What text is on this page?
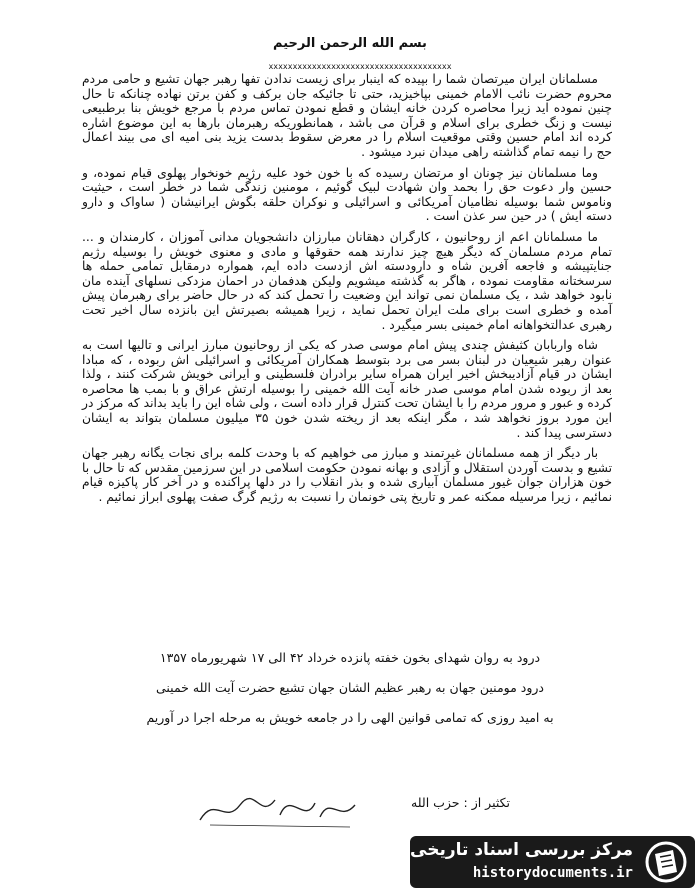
بسم الله الرحمن الرحیم
xxxxxxxxxxxxxxxxxxxxxxxxxxxxxxxxxxxxxx

مسلمانان ایران میرتصان شما را بپیده که اینبار برای زیست ندادن تفها رهبر جهان تشیع و حامی مردم محروم حضرت نائب الامام خمینی بپاخیزید، حتی تا جائیکه جان برکف و کفن برتن نهاده چنانکه تا حال چنین نموده اید زیرا محاصره کردن خانه ایشان و قطع نمودن تماس مردم با مرجع خویش بنا برطبیعی نیست و زنگ خطری برای اسلام و قرآن می باشد ، همانطوریکه رهبرمان بارها به این موضوع اشاره کرده اند امام حسین وقتی موقعیت اسلام را در معرض سقوط بدست یزید بنی امیه ای می بیند اعمال حج را نیمه تمام گذاشته راهی میدان نبرد میشود .

وما مسلمانان نیز چونان او مرتضان رسیده که با خون خود علیه رژیم خونخوار پهلوی قیام نموده، و حسین وار دعوت حق را بحمد وان شهادت لبیک گوئیم ، مومنین زندگی شما در خطر است ، حیثیت وناموس شما بوسیله نظامیان آمریکائی و اسرائیلی و نوکران حلقه بگوش ایرانیشان ( ساواک و دارو دسته ایش ) در حین سر عذن است .

ما مسلمانان اعم از روحانیون ، کارگران دهقانان مبارزان دانشجویان مدانی آموزان ، کارمندان و ... تمام مردم مسلمان که دیگر هیچ چیز ندارند همه حقوقها و مادی و معنوی خویش را بوسیله رژیم جنایتپیشه و فاجعه آفرین شاه و دارودسته اش ازدست داده ایم، همواره درمقابل تمامی حمله ها سرسختانه مقاومت نموده ، هاگر به گذشته میشویم ولیکن هدفمان در احمان مزدکی نسلهای آینده مان نابود خواهد شد ، یک مسلمان نمی تواند این وضعیت را تحمل کند که در حال حاضر برای رهبرمان پیش آمده و خطری است برای ملت ایران تحمل نماید ، زیرا همیشه بصیرتش این بانزده سال اخیر تحت رهبری عدالتخواهانه امام خمینی بسر میگیرد .

شاه واربابان کثیفش چندی پیش امام موسی صدر که یکی از روحانیون مبارز ایرانی و تالیها است به عنوان رهبر شیعیان در لبنان بسر می برد بتوسط همکاران آمریکائی و اسرائیلی اش ربوده ، که مبادا ایشان در قیام آزادیبخش اخیر ایران همراه سایر برادران فلسطینی و ایرانی خویش شرکت کنند ، ولذا بعد از ربوده شدن امام موسی صدر خانه آیت الله خمینی را بوسیله ارتش عراق و با بمب ها محاصره کرده و عبور و مرور مردم را با ایشان تحت کنترل قرار داده است ، ولی شاه این را باید بداند که مرکز در این مورد بروز نخواهد شد ، مگر اینکه بعد از ریخته شدن خون ۳۵ میلیون مسلمان بتواند به ایشان دسترسی پیدا کند .

بار دیگر از همه مسلمانان غیرتمند و مبارز می خواهیم که با وحدت کلمه برای نجات یگانه رهبر جهان تشیع و بدست آوردن استقلال و آزادی و بهانه نمودن حکومت اسلامی در این سرزمین مقدس که تا حال با خون هزاران جوان غیور مسلمان آبیاری شده و بذر انقلاب را در دلها پراکنده و در آخر کار پاکیزه قیام نمائیم ، زیرا مرسیله ممکنه عمر و تاریخ پتی خونمان را نسبت به رژیم گرگ صفت پهلوی ابراز نمائیم .

درود به روان شهدای بخون خفته پانزده خرداد ۴۲ الی ۱۷ شهریورماه ۱۳۵۷
درود مومنین جهان به رهبر عظیم الشان جهان تشیع حضرت آیت الله خمینی
به امید روزی که تمامی قوانین الهی را در جامعه خویش به مرحله اجرا در آوریم
تکثیر از : حزب الله
مرکز بررسی اسناد تاریخی
historydocuments.ir
